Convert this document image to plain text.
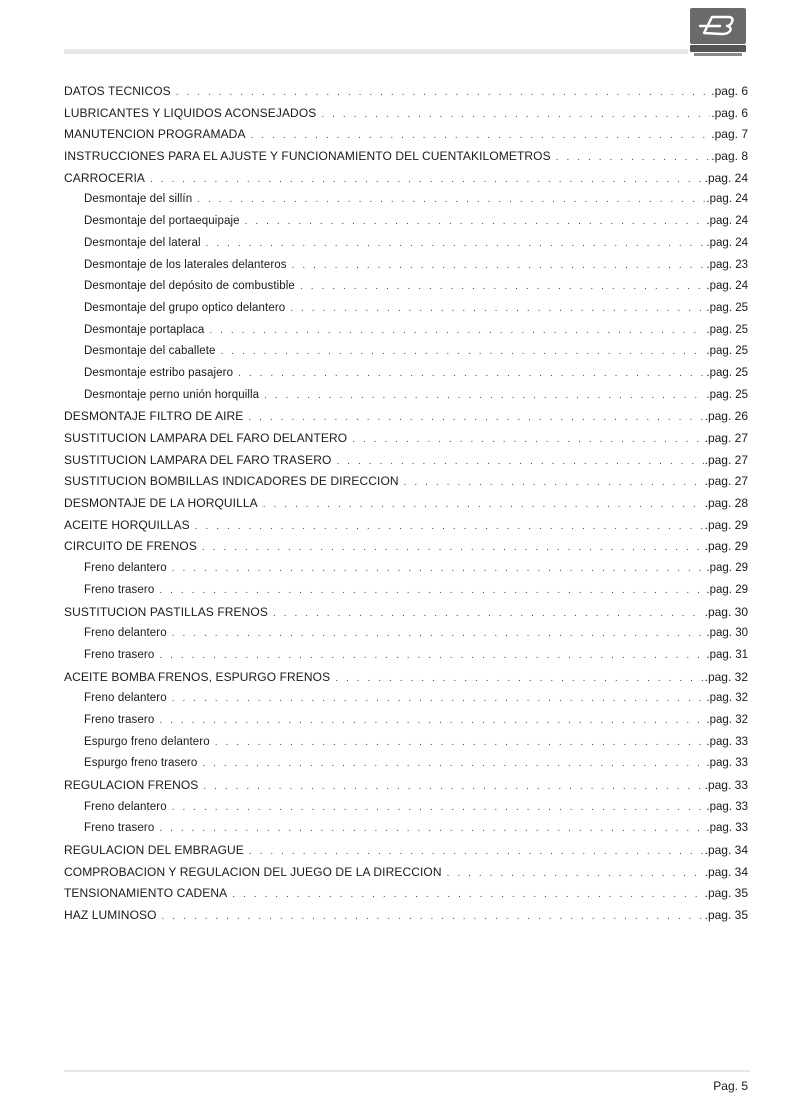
DATOS TECNICOS . . .	.pag. 6
LUBRICANTES Y LIQUIDOS ACONSEJADOS . . .	.pag. 6
MANUTENCION PROGRAMADA . . .	.pag. 7
INSTRUCCIONES PARA EL AJUSTE Y FUNCIONAMIENTO DEL CUENTAKILOMETROS . . .	.pag. 8
CARROCERIA . . .	.pag. 24
Desmontaje del sillín . . .	.pag. 24
Desmontaje del portaequipaje . . .	.pag. 24
Desmontaje del lateral . . .	.pag. 24
Desmontaje de los laterales delanteros . . .	.pag. 23
Desmontaje del depósito de combustible . . .	.pag. 24
Desmontaje del grupo optico delantero . . .	.pag. 25
Desmontaje portaplaca . . .	.pag. 25
Desmontaje del caballete . . .	.pag. 25
Desmontaje estribo pasajero . . .	.pag. 25
Desmontaje perno unión horquilla . . .	.pag. 25
DESMONTAJE FILTRO DE AIRE . . .	.pag. 26
SUSTITUCION LAMPARA DEL FARO DELANTERO . . .	.pag. 27
SUSTITUCION LAMPARA DEL FARO TRASERO . . .	.pag. 27
SUSTITUCION BOMBILLAS INDICADORES DE DIRECCION . . .	.pag. 27
DESMONTAJE DE LA HORQUILLA . . .	.pag. 28
ACEITE HORQUILLAS . . .	.pag. 29
CIRCUITO DE FRENOS . . .	.pag. 29
Freno delantero . . .	.pag. 29
Freno trasero . . .	.pag. 29
SUSTITUCION PASTILLAS FRENOS . . .	.pag. 30
Freno delantero . . .	.pag. 30
Freno trasero . . .	.pag. 31
ACEITE BOMBA FRENOS, ESPURGO FRENOS . . .	.pag. 32
Freno delantero . . .	.pag. 32
Freno trasero . . .	.pag. 32
Espurgo freno delantero . . .	.pag. 33
Espurgo freno trasero . . .	.pag. 33
REGULACION FRENOS . . .	.pag. 33
Freno delantero . . .	.pag. 33
Freno trasero . . .	.pag. 33
REGULACION DEL EMBRAGUE . . .	.pag. 34
COMPROBACION Y REGULACION DEL JUEGO DE LA DIRECCION . . .	.pag. 34
TENSIONAMIENTO CADENA . . .	.pag. 35
HAZ LUMINOSO . . .	.pag. 35
Pag. 5
